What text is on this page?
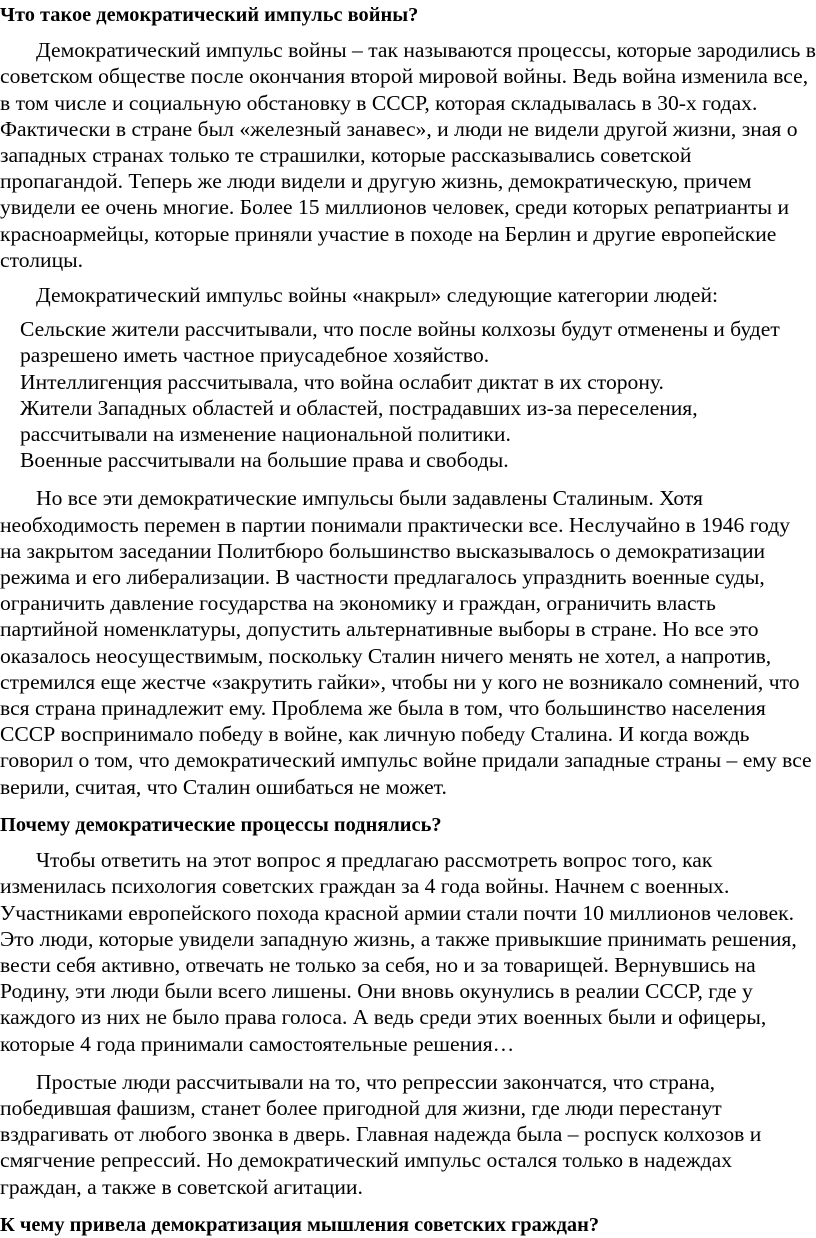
Что такое демократический импульс войны?

Демократический импульс войны – так называются процессы, которые зародились в советском обществе после окончания второй мировой войны. Ведь война изменила все, в том числе и социальную обстановку в СССР, которая складывалась в 30-х годах. Фактически в стране был «железный занавес», и люди не видели другой жизни, зная о западных странах только те страшилки, которые рассказывались советской пропагандой. Теперь же люди видели и другую жизнь, демократическую, причем увидели ее очень многие. Более 15 миллионов человек, среди которых репатрианты и красноармейцы, которые приняли участие в походе на Берлин и другие европейские столицы.

Демократический импульс войны «накрыл» следующие категории людей:

Сельские жители рассчитывали, что после войны колхозы будут отменены и будет разрешено иметь частное приусадебное хозяйство.
Интеллигенция рассчитывала, что война ослабит диктат в их сторону.
Жители Западных областей и областей, пострадавших из-за переселения, рассчитывали на изменение национальной политики.
Военные рассчитывали на большие права и свободы.

Но все эти демократические импульсы были задавлены Сталиным. Хотя необходимость перемен в партии понимали практически все. Неслучайно в 1946 году на закрытом заседании Политбюро большинство высказывалось о демократизации режима и его либерализации. В частности предлагалось упразднить военные суды, ограничить давление государства на экономику и граждан, ограничить власть партийной номенклатуры, допустить альтернативные выборы в стране. Но все это оказалось неосуществимым, поскольку Сталин ничего менять не хотел, а напротив, стремился еще жестче «закрутить гайки», чтобы ни у кого не возникало сомнений, что вся страна принадлежит ему. Проблема же была в том, что большинство населения СССР воспринимало победу в войне, как личную победу Сталина. И когда вождь говорил о том, что демократический импульс войне придали западные страны – ему все верили, считая, что Сталин ошибаться не может.

Почему демократические процессы поднялись?

Чтобы ответить на этот вопрос я предлагаю рассмотреть вопрос того, как изменилась психология советских граждан за 4 года войны. Начнем с военных. Участниками европейского похода красной армии стали почти 10 миллионов человек. Это люди, которые увидели западную жизнь, а также привыкшие принимать решения, вести себя активно, отвечать не только за себя, но и за товарищей. Вернувшись на Родину, эти люди были всего лишены. Они вновь окунулись в реалии СССР, где у каждого из них не было права голоса. А ведь среди этих военных были и офицеры, которые 4 года принимали самостоятельные решения…

Простые люди рассчитывали на то, что репрессии закончатся, что страна, победившая фашизм, станет более пригодной для жизни, где люди перестанут вздрагивать от любого звонка в дверь. Главная надежда была – роспуск колхозов и смягчение репрессий. Но демократический импульс остался только в надеждах граждан, а также в советской агитации.

К чему привела демократизация мышления советских граждан?
